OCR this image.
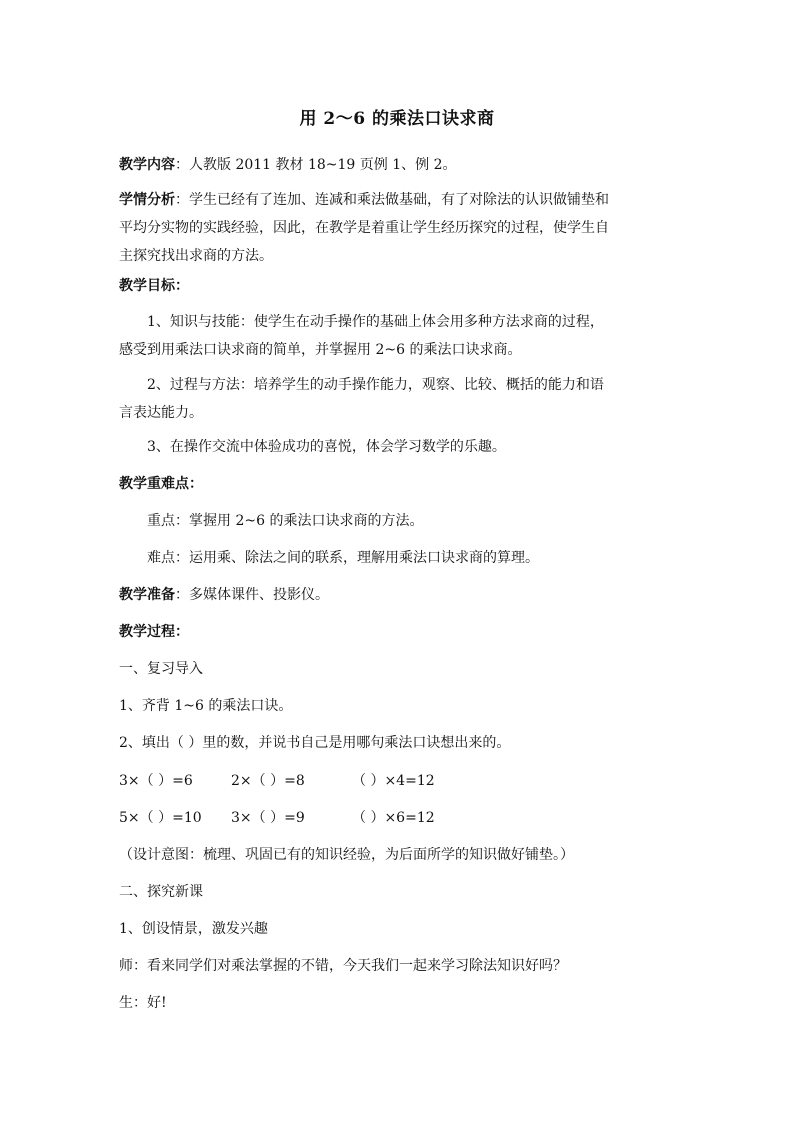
用 2～6 的乘法口诀求商
教学内容：人教版 2011 教材 18~19 页例 1、例 2。
学情分析：学生已经有了连加、连减和乘法做基础，有了对除法的认识做铺垫和
平均分实物的实践经验，因此，在教学是着重让学生经历探究的过程，使学生自
主探究找出求商的方法。
教学目标：
1、知识与技能：使学生在动手操作的基础上体会用多种方法求商的过程，
感受到用乘法口诀求商的简单，并掌握用 2~6 的乘法口诀求商。
2、过程与方法：培养学生的动手操作能力，观察、比较、概括的能力和语
言表达能力。
3、在操作交流中体验成功的喜悦，体会学习数学的乐趣。
教学重难点：
重点：掌握用 2~6 的乘法口诀求商的方法。
难点：运用乘、除法之间的联系，理解用乘法口诀求商的算理。
教学准备：多媒体课件、投影仪。
教学过程：
一、复习导入
1、齐背 1~6 的乘法口诀。
2、填出（ ）里的数，并说书自己是用哪句乘法口诀想出来的。
3×（ ）=6	2×（ ）=8	（ ）×4=12
5×（ ）=10 3×（ ）=9	（ ）×6=12
（设计意图：梳理、巩固已有的知识经验，为后面所学的知识做好铺垫。）
二、探究新课
1、创设情景，激发兴趣
师：看来同学们对乘法掌握的不错，今天我们一起来学习除法知识好吗？
生：好!
